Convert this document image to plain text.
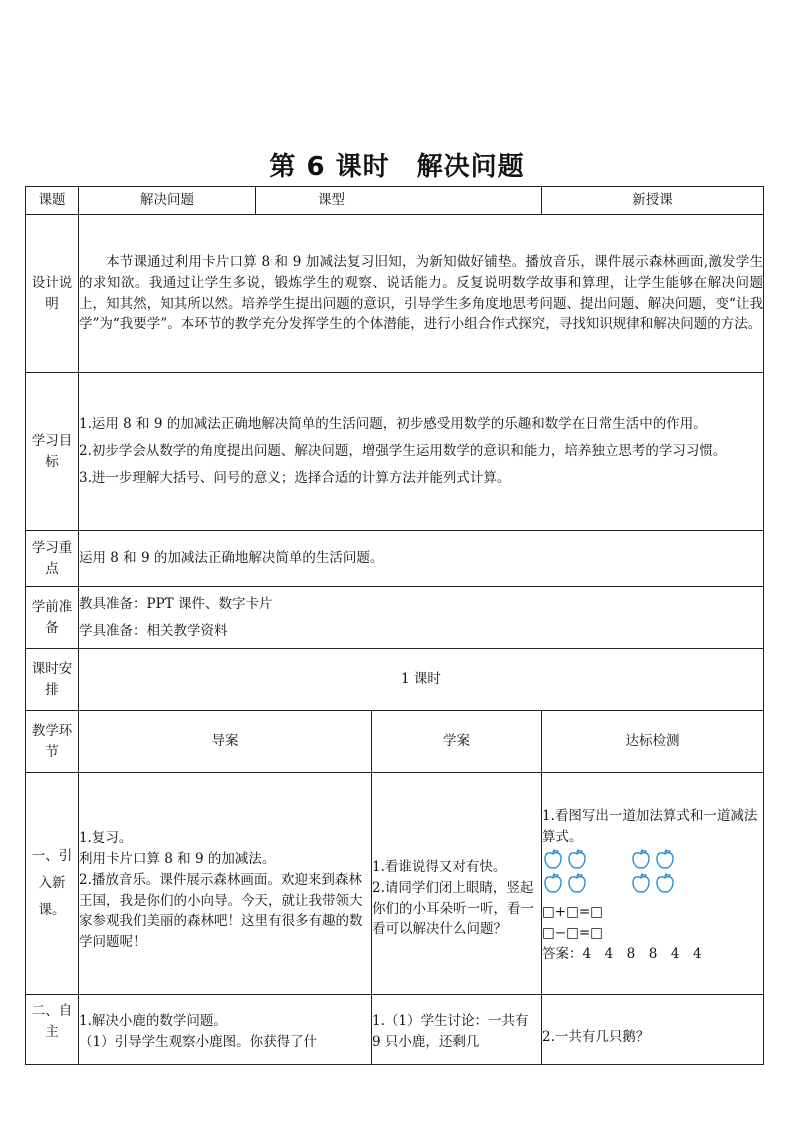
第 6 课时　解决问题
课题	解决问题	课型		新授课
设计说明	本节课通过利用卡片口算 8 和 9 加减法复习旧知，为新知做好铺垫。播放音乐，课件展示森林画面,激发学生的求知欲。我通过让学生多说，锻炼学生的观察、说话能力。反复说明数学故事和算理，让学生能够在解决问题上，知其然，知其所以然。培养学生提出问题的意识，引导学生多角度地思考问题、提出问题、解决问题，变“让我学”为“我要学”。本环节的教学充分发挥学生的个体潜能，进行小组合作式探究，寻找知识规律和解决问题的方法。			

学习目标	1.运用 8 和 9 的加减法正确地解决简单的生活问题，初步感受用数学的乐趣和数学在日常生活中的作用。
2.初步学会从数学的角度提出问题、解决问题，增强学生运用数学的意识和能力，培养独立思考的学习习惯。
3.进一步理解大括号、问号的意义；选择合适的计算方法并能列式计算。			

学习重点	运用 8 和 9 的加减法正确地解决简单的生活问题。			
学前准备	教具准备：PPT 课件、数字卡片
学具准备：相关教学资料			

课时安排	1 课时			
教学环节	导案		学案	达标检测
一、引入新课。	1.复习。
利用卡片口算 8 和 9 的加减法。
2.播放音乐。课件展示森林画面。欢迎来到森林王国，我是你们的小向导。今天，就让我带领大家参观我们美丽的森林吧！这里有很多有趣的数学问题呢！		1.看谁说得又对有快。
2.请同学们闭上眼睛，竖起你们的小耳朵听一听，看一看可以解决什么问题？	1.看图写出一道加法算式和一道减法算式。
□+□=□
□−□=□
答案：4　4　8　8　4　4

二、自主	1.解决小鹿的数学问题。
（1）引导学生观察小鹿图。你获得了什		1.（1）学生讨论：一共有 9 只小鹿，还剩几	2.一共有几只鹅？
